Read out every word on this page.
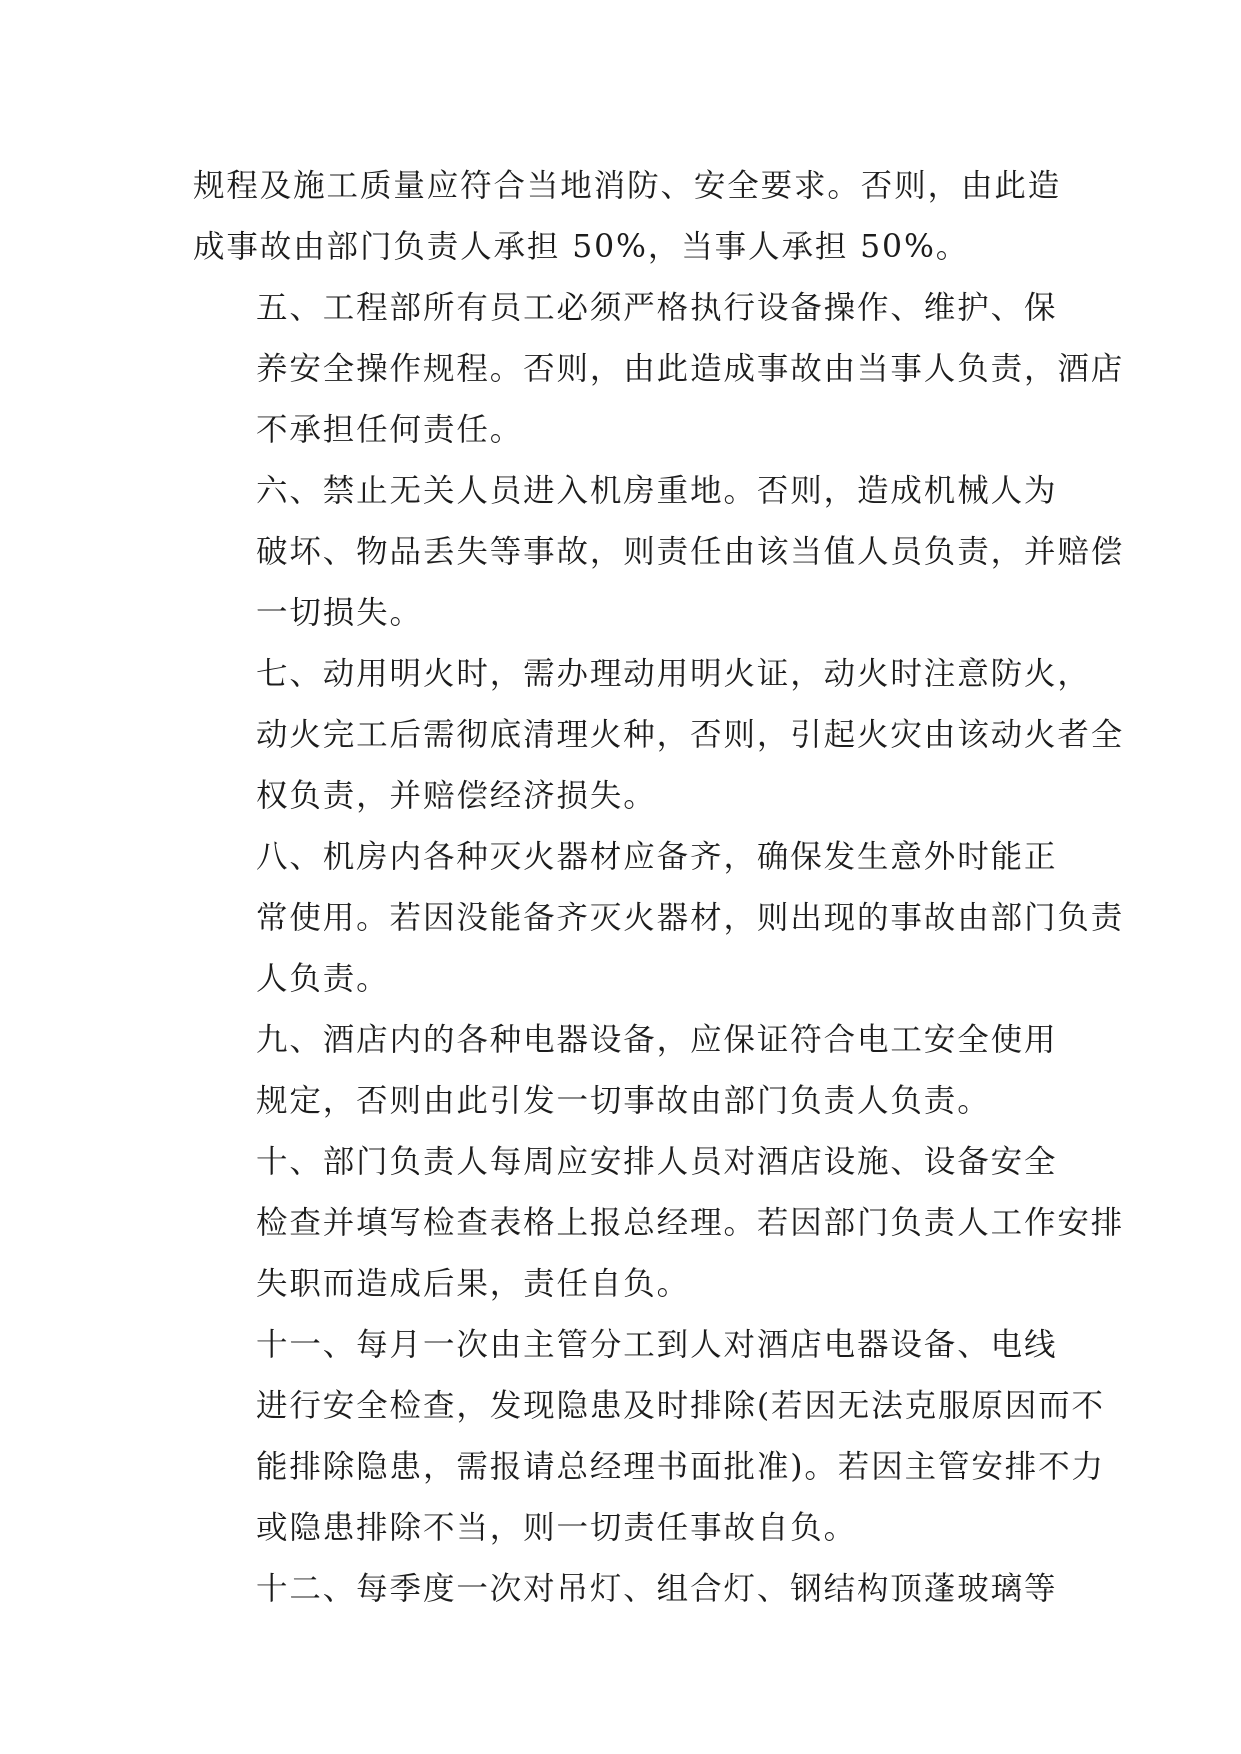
规程及施工质量应符合当地消防、安全要求。否则，由此造
成事故由部门负责人承担 50%，当事人承担 50%。
五、工程部所有员工必须严格执行设备操作、维护、保
养安全操作规程。否则，由此造成事故由当事人负责，酒店
不承担任何责任。
六、禁止无关人员进入机房重地。否则，造成机械人为
破坏、物品丢失等事故，则责任由该当值人员负责，并赔偿
一切损失。
七、动用明火时，需办理动用明火证，动火时注意防火，
动火完工后需彻底清理火种，否则，引起火灾由该动火者全
权负责，并赔偿经济损失。
八、机房内各种灭火器材应备齐，确保发生意外时能正
常使用。若因没能备齐灭火器材，则出现的事故由部门负责
人负责。
九、酒店内的各种电器设备，应保证符合电工安全使用
规定，否则由此引发一切事故由部门负责人负责。
十、部门负责人每周应安排人员对酒店设施、设备安全
检查并填写检查表格上报总经理。若因部门负责人工作安排
失职而造成后果，责任自负。
十一、每月一次由主管分工到人对酒店电器设备、电线
进行安全检查，发现隐患及时排除(若因无法克服原因而不
能排除隐患，需报请总经理书面批准)。若因主管安排不力
或隐患排除不当，则一切责任事故自负。
十二、每季度一次对吊灯、组合灯、钢结构顶蓬玻璃等
